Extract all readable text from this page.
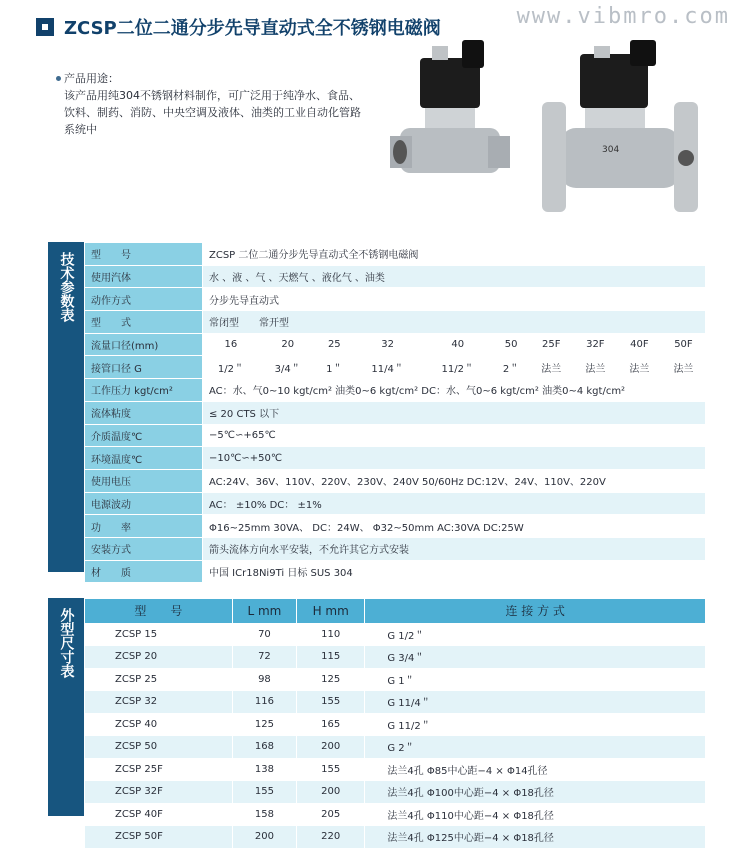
www.vibmro.com
ZCSP二位二通分步先导直动式全不锈钢电磁阀
产品用途：
该产品用纯304不锈钢材料制作，可广泛用于纯净水、食品、饮料、制药、消防、中央空调及液体、油类的工业自动化管路系统中
304
技术参数表 型　　号	ZCSP 二位二通分步先导直动式全不锈钢电磁阀									
使用汽体	水 、液 、气 、天燃气 、液化气 、油类									
动作方式	分步先导直动式									
型　　式	常闭型　　常开型									
流量口径(mm)	16	20	25	32	40	50	25F	32F	40F	50F
接管口径 G	1/2＂	3/4＂	1＂	11/4＂	11/2＂	2＂	法兰	法兰	法兰	法兰
工作压力 kgt/cm²	AC：水、气0~10 kgt/cm² 油类0~6 kgt/cm² DC：水、气0~6 kgt/cm² 油类0~4 kgt/cm²									
流体粘度	≤ 20 CTS 以下									
介质温度℃	−5℃∽+65℃									
环境温度℃	−10℃∽+50℃									
使用电压	AC:24V、36V、110V、220V、230V、240V 50/60Hz DC:12V、24V、110V、220V									
电源波动	AC： ±10% DC： ±1%									
功　　率	Φ16~25mm 30VA、 DC：24W、 Φ32~50mm AC:30VA DC:25W									
安装方式	箭头流体方向水平安装，不允许其它方式安装									
材　　质	中国 ICr18Ni9Ti 日标 SUS 304									
外型尺寸表	型　　号	L mm	H mm	连 接 方 式
ZCSP 15	70	110	G 1/2＂
ZCSP 20	72	115	G 3/4＂
ZCSP 25	98	125	G 1＂
ZCSP 32	116	155	G 11/4＂
ZCSP 40	125	165	G 11/2＂
ZCSP 50	168	200	G 2＂
ZCSP 25F	138	155	法兰4孔 Φ85中心距−4 × Φ14孔径
ZCSP 32F	155	200	法兰4孔 Φ100中心距−4 × Φ18孔径
ZCSP 40F	158	205	法兰4孔 Φ110中心距−4 × Φ18孔径
ZCSP 50F	200	220	法兰4孔 Φ125中心距−4 × Φ18孔径
